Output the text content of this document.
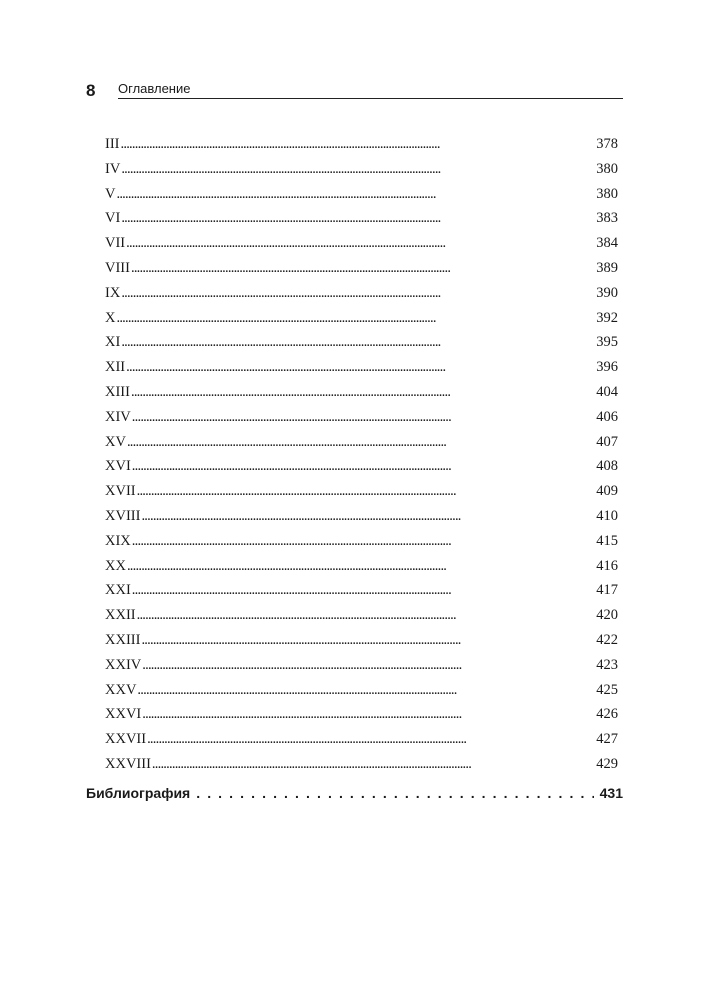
8 Оглавление
III . . .	378
IV . . .	380
V . . .	380
VI . . .	383
VII . . .	384
VIII . . .	389
IX . . .	390
X . . .	392
XI . . .	395
XII . . .	396
XIII . . .	404
XIV . . .	406
XV . . .	407
XVI . . .	408
XVII . . .	409
XVIII . . .	410
XIX . . .	415
XX . . .	416
XXI . . .	417
XXII . . .	420
XXIII . . .	422
XXIV . . .	423
XXV . . .	425
XXVI . . .	426
XXVII . . .	427
XXVIII . . .	429
Библиография . . .	431
